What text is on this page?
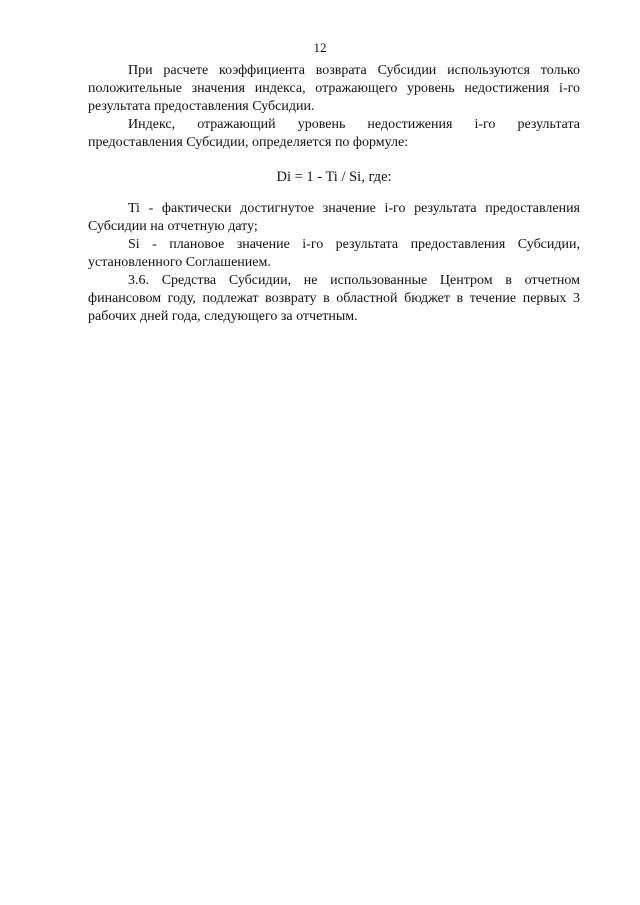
12

При расчете коэффициента возврата Субсидии используются только положительные значения индекса, отражающего уровень недостижения i-го результата предоставления Субсидии.

Индекс, отражающий уровень недостижения i-го результата предоставления Субсидии, определяется по формуле:

Di = 1 - Ti / Si, где:

Ti - фактически достигнутое значение i-го результата предоставления Субсидии на отчетную дату;

Si - плановое значение i-го результата предоставления Субсидии, установленного Соглашением.

3.6. Средства Субсидии, не использованные Центром в отчетном финансовом году, подлежат возврату в областной бюджет в течение первых 3 рабочих дней года, следующего за отчетным.
